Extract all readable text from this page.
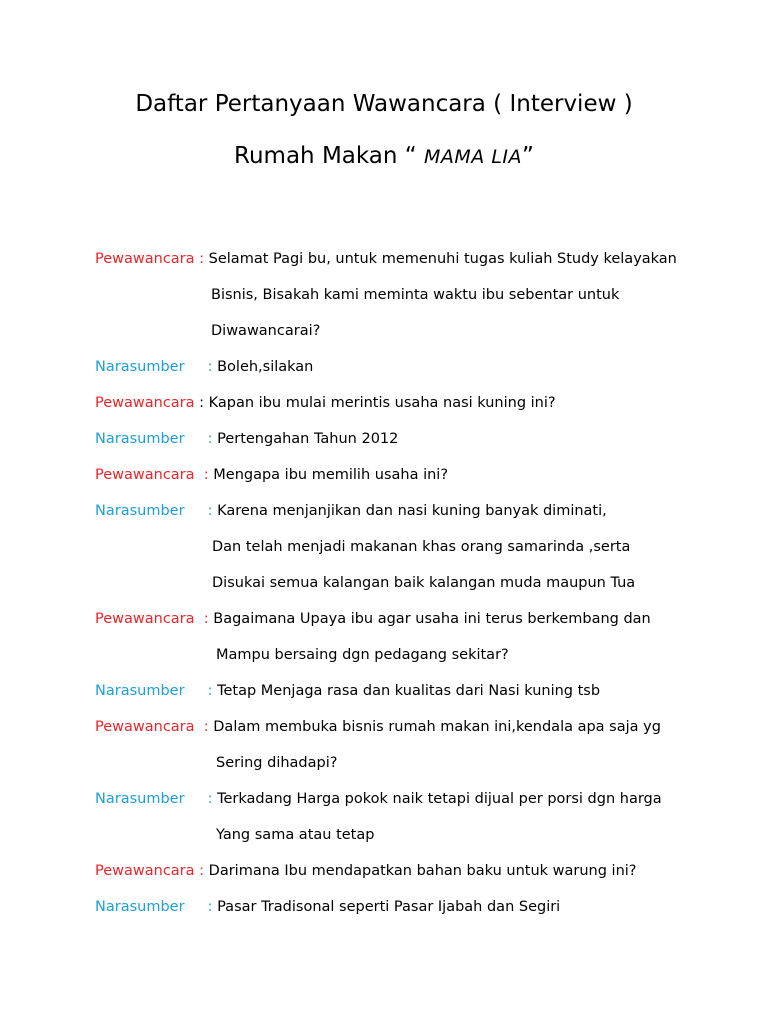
Daftar Pertanyaan Wawancara ( Interview )
Rumah Makan “ MAMA LIA”
Pewawancara : Selamat Pagi bu, untuk memenuhi tugas kuliah Study kelayakan
Bisnis, Bisakah kami meminta waktu ibu sebentar untuk
Diwawancarai?
Narasumber     : Boleh,silakan
Pewawancara : Kapan ibu mulai merintis usaha nasi kuning ini?
Narasumber     : Pertengahan Tahun 2012
Pewawancara  : Mengapa ibu memilih usaha ini?
Narasumber     : Karena menjanjikan dan nasi kuning banyak diminati,
Dan telah menjadi makanan khas orang samarinda ,serta
Disukai semua kalangan baik kalangan muda maupun Tua
Pewawancara  : Bagaimana Upaya ibu agar usaha ini terus berkembang dan
Mampu bersaing dgn pedagang sekitar?
Narasumber     : Tetap Menjaga rasa dan kualitas dari Nasi kuning tsb
Pewawancara  : Dalam membuka bisnis rumah makan ini,kendala apa saja yg
Sering dihadapi?
Narasumber     : Terkadang Harga pokok naik tetapi dijual per porsi dgn harga
Yang sama atau tetap
Pewawancara : Darimana Ibu mendapatkan bahan baku untuk warung ini?
Narasumber     : Pasar Tradisonal seperti Pasar Ijabah dan Segiri
